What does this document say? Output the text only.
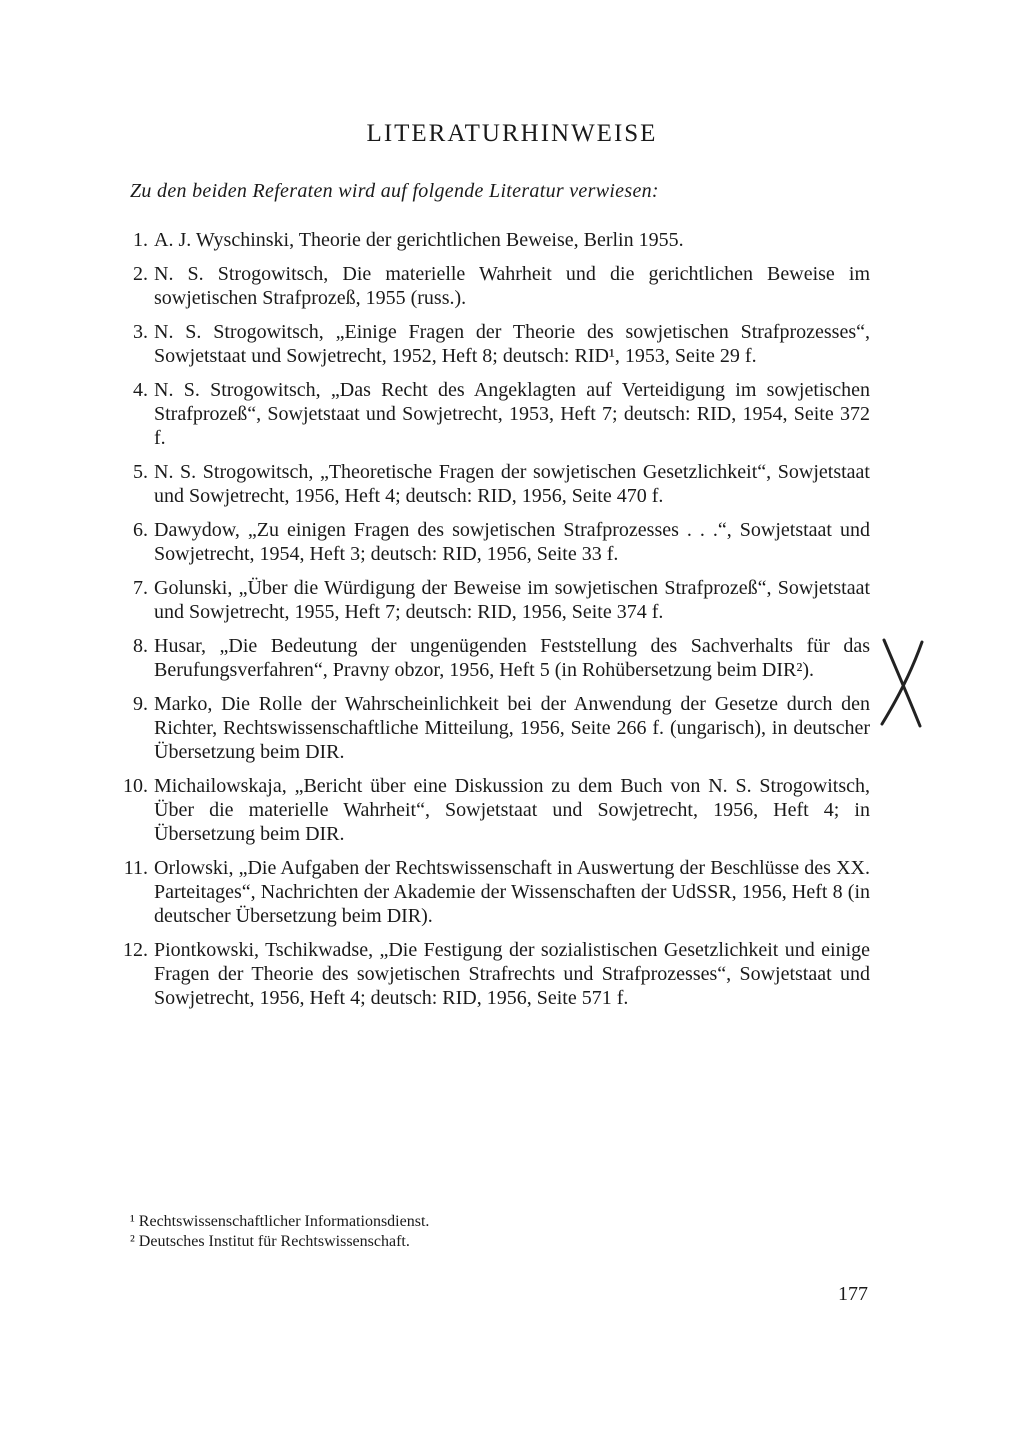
LITERATURHINWEISE
Zu den beiden Referaten wird auf folgende Literatur verwiesen:
1. A. J. Wyschinski, Theorie der gerichtlichen Beweise, Berlin 1955.
2. N. S. Strogowitsch, Die materielle Wahrheit und die gerichtlichen Beweise im sowjetischen Strafprozeß, 1955 (russ.).
3. N. S. Strogowitsch, „Einige Fragen der Theorie des sowjetischen Strafprozesses“, Sowjetstaat und Sowjetrecht, 1952, Heft 8; deutsch: RID¹, 1953, Seite 29 f.
4. N. S. Strogowitsch, „Das Recht des Angeklagten auf Verteidigung im sowjetischen Strafprozeß“, Sowjetstaat und Sowjetrecht, 1953, Heft 7; deutsch: RID, 1954, Seite 372 f.
5. N. S. Strogowitsch, „Theoretische Fragen der sowjetischen Gesetzlichkeit“, Sowjetstaat und Sowjetrecht, 1956, Heft 4; deutsch: RID, 1956, Seite 470 f.
6. Dawydow, „Zu einigen Fragen des sowjetischen Strafprozesses . . .“, Sowjetstaat und Sowjetrecht, 1954, Heft 3; deutsch: RID, 1956, Seite 33 f.
7. Golunski, „Über die Würdigung der Beweise im sowjetischen Strafprozeß“, Sowjetstaat und Sowjetrecht, 1955, Heft 7; deutsch: RID, 1956, Seite 374 f.
8. Husar, „Die Bedeutung der ungenügenden Feststellung des Sachverhalts für das Berufungsverfahren“, Pravny obzor, 1956, Heft 5 (in Rohübersetzung beim DIR²).
9. Marko, Die Rolle der Wahrscheinlichkeit bei der Anwendung der Gesetze durch den Richter, Rechtswissenschaftliche Mitteilung, 1956, Seite 266 f. (ungarisch), in deutscher Übersetzung beim DIR.
10. Michailowskaja, „Bericht über eine Diskussion zu dem Buch von N. S. Strogowitsch, Über die materielle Wahrheit“, Sowjetstaat und Sowjetrecht, 1956, Heft 4; in Übersetzung beim DIR.
11. Orlowski, „Die Aufgaben der Rechtswissenschaft in Auswertung der Beschlüsse des XX. Parteitages“, Nachrichten der Akademie der Wissenschaften der UdSSR, 1956, Heft 8 (in deutscher Übersetzung beim DIR).
12. Piontkowski, Tschikwadse, „Die Festigung der sozialistischen Gesetzlichkeit und einige Fragen der Theorie des sowjetischen Strafrechts und Strafprozesses“, Sowjetstaat und Sowjetrecht, 1956, Heft 4; deutsch: RID, 1956, Seite 571 f.
¹ Rechtswissenschaftlicher Informationsdienst.
² Deutsches Institut für Rechtswissenschaft.
177
